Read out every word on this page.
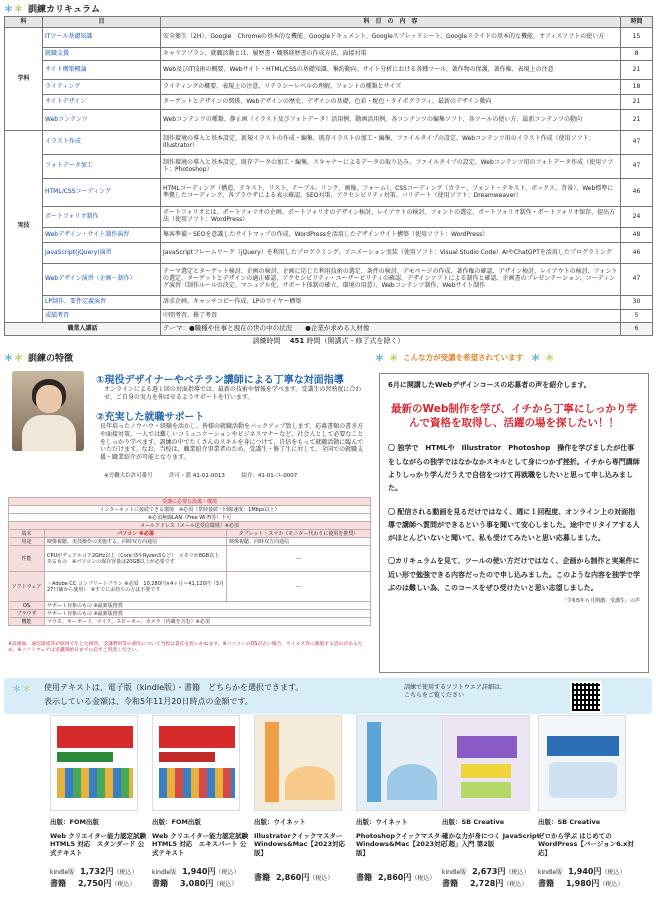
＊＊ 訓練カリキュラム
科	目	科　目　の　内　容	時間
学科	ITツール基礎知識	安全衛生（2H）、Google　Chromeの基本的な機能、Googleドキュメント、Googleスプレッドシート、Googleスライドの基本的な機能、オフィスソフトの使い方	15
	就職支援	キャリアプラン、就職活動とは、履歴書・職務経歴書の作成方法、面接対策	8
	サイト構築概論	Web及びIT技術の概要、Webサイト・HTML/CSSの基礎知識、集約動向、サイト分析における各種ツール、著作物の保護、著作権、表現上の注意	21
	ライティング	ライティングの概要、表現上の注意、リテラシーレベルの理解、フォントの種類とサイズ	18
	サイトデザイン	ターゲットとデザインの関係、Webデザインの歴史、デザインの基礎、色彩・配色・タイポグラフィ、最新のデザイン動向	21
	Webコンテンツ	Webコンテンツの種類、静止画（イラスト及びフォトデータ）活用例、動画活用例、各コンテンツの編集ソフト、各ツールの使い方、最新コンテンツの動向	21
実技	イラスト作成	制作環境の導入と基本設定、新規イラストの作成・編集、既存イラストの加工・編集、ファイルタイプの設定、Webコンテンツ用のイラスト作成（使用ソフト：Illustrator）	47
	フォトデータ加工	制作環境の導入と基本設定、既存データの加工・編集、スキャナーによるデータの取り込み、ファイルタイプの設定、Webコンテンツ用のフォトデータ作成（使用ソフト：Photoshop）	47
	HTML/CSSコーディング	HTMLコーディング（構造、テキスト、リスト、テーブル、リンク、画像、フォーム）、CSSコーディング（カラー、フォント・テキスト、ボックス、背景）、Web標準に準拠したコーディング、各ブラウザによる表示確認、SEO対策、アクセシビリティ対策、バリデート（使用ソフト：Dreamweaver）	46
	ポートフォリオ制作	ポートフォリオとは、ポートフォリオの企画、ポートフォリオのデザイン検討、レイアウトの検討、フォントの選定、ポートフォリオ制作・ポートフォリオ保存、提出方法（使用ソフト：WordPress）	24
	Webデザイン・サイト制作演習	集客準備・SEOを意識したサイトマップの作成、WordPressを活用したデザインサイト構築（使用ソフト：WordPress）	48
	JavaScript(jQuery)演習	JavaScriptフレームワーク（jQuery）を利用したプログラミング、アニメーション実装（使用ソフト：Visual Studio Code）AIやChatGPTを活用したプログラミング	46
	Webデザイン演習（企画〜制作）	テーマ選定とターゲット検討、企画の検討、企画に応じた利用技術の選定、条件の検討、デモページの作成、著作権の確認、デザイン検討、レイアウトの検討、フォントの選定、ターゲットとデザインの適正確認、アクセシビリティ・ユーザービリティの確認、デザインソフトによる制作と確認、企画書のプレゼンテーション、コーディング演習（制作ルールの決定、マニュアル化、サポート体制の確立、環境の用意）、Webコンテンツ制作、Webサイト制作	47
	LP制作、要件定義演習	訴求企画、キャッチコピー作成、LPのワイヤー構築	30
	成績考査	中間考査、修了考査	5
職業人講話		テーマ：●職種や仕事と現在の世の中の状況　　●企業が求める人材像	6
訓練時間　 451 時間（開講式・修了式を除く）			
＊＊ 訓練の特徴
①現役デザイナーやベテラン講師による丁寧な対面指導
オンラインによる週１回の対面指導では、最新の技術や情報を学べます。受講生の習熟度に合わせ、ご自身の実力を伸ばせるようサポートを行います。
②充実した就職サポート
長年培ったノウハウ・経験を活かし、皆様の就職活動をバックアップ致します。応募書類の書き方や面接対策、一人では難しいコミュニケーションやビジネスマナーなど、社会人として必要なことをしっかり学べます。訓練の中でたくさんのスキルを身につけて、自信をもって就職活動に臨んでいただけます。なお、当校は、職業紹介事業者のため、受講生・修了生に対して、全国での就職支援・職業紹介が可能となります。
※労働大臣許可番号　　　許可・派 41-01-0013　　　紹介：41-01-ユ-0007
受講に必要な設備・環境		
インターネットに接続できる環境　※必須（常時接続・回線速度：1Mbps以上）		
※必須無線LAN（Free Wi-Fi等）不可		
メールアドレス（メール送受信環境）※必須		
端末	パソコン ※必須	タブレット・スマホ（モニター代わりに使用を推奨）
用途	映像視聴、実技操作の実施する。同時双方向通信	映像視聴、同時双方向通信
性能	CPUがデュアルコア2GHz以上（Core i3やRyzen3など）　メモリが8GB以上あるもの　※パソコンの保存容量は20GB以上が必要です	—
ソフトウェア	・Adobe CC コンプリートプラン ※必須　10,280円×4ヶ月＝41,120円（3月27日価から使用）　※すでにお持ちの方は不要です	—
OS	サポート対象のもの ※最新版推奨	
ブラウザ	サポート対象のもの ※最新版推奨	
機能	マウス、キーボード、マイク、スピーカー、カメラ（内蔵を含む）※必須	
※設備面、通信環境等が原因で生じた損害、受講費用等の損失について当校は責任を負いかねます。※パソコンのOSが古い場合、ウイルス等に感染する恐れがあるため。※ソフトウェアは受講開始日までに必ずご用意ください。
＊ ＊ こんな方が受講を希望されています ＊ ＊
6月に開講したWebデザインコースの応募者の声を紹介します。
最新のWeb制作を学び、イチから丁寧にしっかり学んで資格を取得し、活躍の場を探したい！！
〇 独学で　HTMLや　Illustrator　Photoshop　操作を学びましたが仕事をしながらの独学ではなかなかスキルとして身につかず挫折。イチから専門講師よりしっかり学んだうえで自信をつけて再就職をしたいと思って申し込みました。
〇 配信される動画を見るだけではなく、週に１回程度、オンライン上の対面指導で講師へ質問ができるという事を聞いて安心しました。途中でリタイアする人がほとんどいないと聞いて、私も受けてみたいと思い応募しました。
〇カリキュラムを見て、ツールの使い方だけではなく、企画から制作と実案件に近い形で勉強できる内容だったので申し込みました。このような内容を独学で学ぶのは難しい為、このコースをぜひ受けたいと思い志望しました。
「令和5年６月開講」受講生」の声
＊＊ 使用テキストは、電子版（kindle版）・書籍　どちらかを選択できます。
表示している金額は、令和5年11月20日時点の金額です。
訓練で使用するソフトウエア詳細は、
こちらをご覧ください
出版：FOM出版
Web クリエイター能力認定試験 HTML5 対応　スタンダード 公式テキスト
出版：FOM出版
Web クリエイター能力認定試験 HTML5 対応　エキスパート 公式テキスト
出版：ウイネット
Illustratorクイックマスター Windows&Mac【2023対応版】
出版：ウイネット
Photoshopクイックマスター Windows&Mac【2023対応版】
出版：SB Creative
確かな力が身につく JavaScript「超」入門 第2版
出版：SB Creative
ゼロから学ぶ はじめての WordPress【バージョン6.x対応】
kindle版　 1,732円（税込）
書籍　　 2,750円（税込）
kindle版　 1,940円（税込）
書籍　　 3,080円（税込）
書籍　 2,860円（税込）	書籍　 2,860円（税込）
kindle版　 2,673円（税込）
書籍　　 2,728円（税込）
kindle版　 1,940円（税込）
書籍　　 1,980円（税込）
